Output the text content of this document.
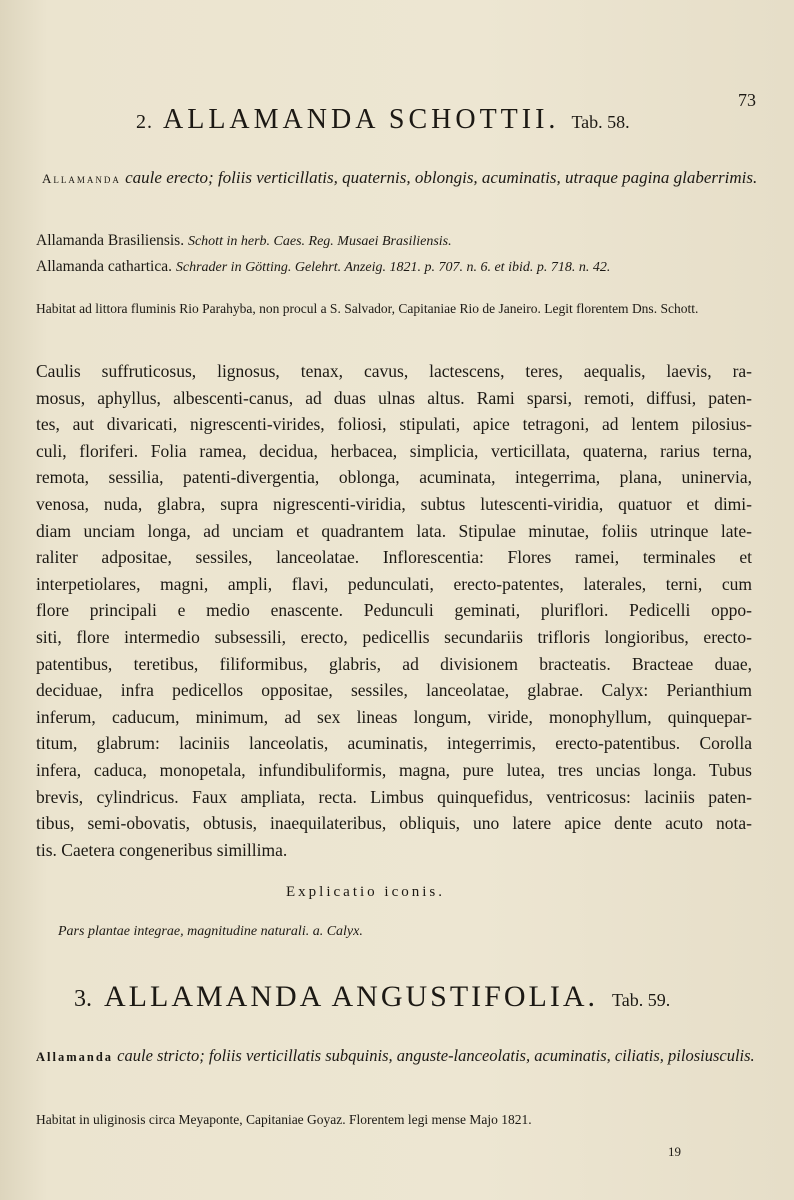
73
2. ALLAMANDA SCHOTTII. Tab. 58.
Allamanda caule erecto; foliis verticillatis, quaternis, oblongis, acuminatis, utraque pagina glaberrimis.
Allamanda Brasiliensis. Schott in herb. Caes. Reg. Musaei Brasiliensis.
Allamanda cathartica. Schrader in Götting. Gelehrt. Anzeig. 1821. p. 707. n. 6. et ibid. p. 718. n. 42.
Habitat ad littora fluminis Rio Parahyba, non procul a S. Salvador, Capitaniae Rio de Janeiro. Legit florentem Dns. Schott.
Caulis suffruticosus, lignosus, tenax, cavus, lactescens, teres, aequalis, laevis, ra-
mosus, aphyllus, albescenti-canus, ad duas ulnas altus. Rami sparsi, remoti, diffusi, paten-
tes, aut divaricati, nigrescenti-virides, foliosi, stipulati, apice tetragoni, ad lentem pilosius-
culi, floriferi. Folia ramea, decidua, herbacea, simplicia, verticillata, quaterna, rarius terna,
remota, sessilia, patenti-divergentia, oblonga, acuminata, integerrima, plana, uninervia,
venosa, nuda, glabra, supra nigrescenti-viridia, subtus lutescenti-viridia, quatuor et dimi-
diam unciam longa, ad unciam et quadrantem lata. Stipulae minutae, foliis utrinque late-
raliter adpositae, sessiles, lanceolatae. Inflorescentia: Flores ramei, terminales et
interpetiolares, magni, ampli, flavi, pedunculati, erecto-patentes, laterales, terni, cum
flore principali e medio enascente. Pedunculi geminati, pluriflori. Pedicelli oppo-
siti, flore intermedio subsessili, erecto, pedicellis secundariis trifloris longioribus, erecto-
patentibus, teretibus, filiformibus, glabris, ad divisionem bracteatis. Bracteae duae,
deciduae, infra pedicellos oppositae, sessiles, lanceolatae, glabrae. Calyx: Perianthium
inferum, caducum, minimum, ad sex lineas longum, viride, monophyllum, quinquepar-
titum, glabrum: laciniis lanceolatis, acuminatis, integerrimis, erecto-patentibus. Corolla
infera, caduca, monopetala, infundibuliformis, magna, pure lutea, tres uncias longa. Tubus
brevis, cylindricus. Faux ampliata, recta. Limbus quinquefidus, ventricosus: laciniis paten-
tibus, semi-obovatis, obtusis, inaequilateribus, obliquis, uno latere apice dente acuto nota-
tis. Caetera congeneribus simillima.
Explicatio iconis.
Pars plantae integrae, magnitudine naturali. a. Calyx.
3. ALLAMANDA ANGUSTIFOLIA. Tab. 59.
Allamanda caule stricto; foliis verticillatis subquinis, anguste-lanceolatis, acuminatis, ciliatis, pilosiusculis.
Habitat in uliginosis circa Meyaponte, Capitaniae Goyaz. Florentem legi mense Majo 1821.
19
